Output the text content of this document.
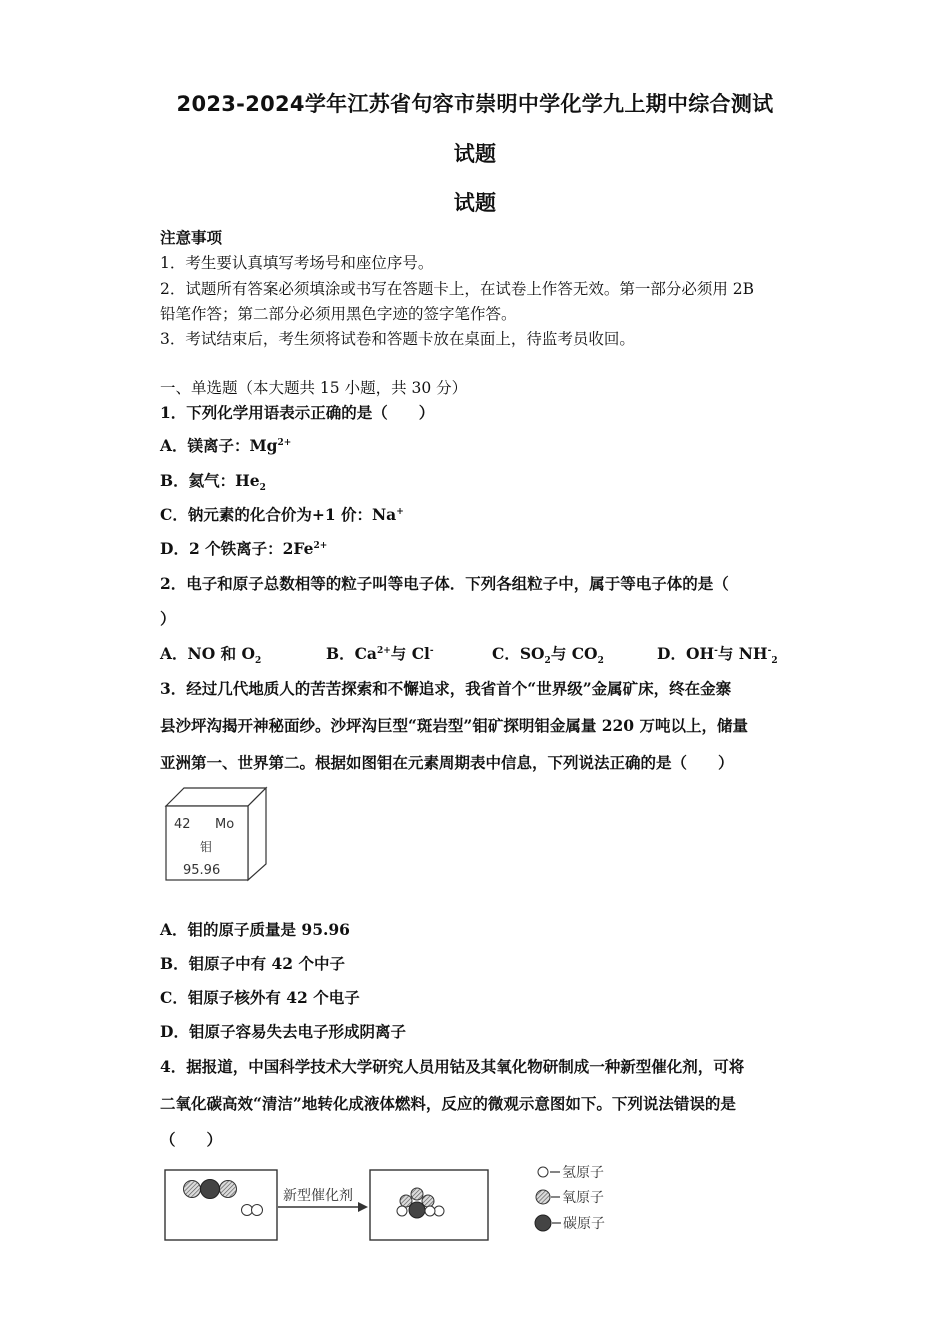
2023-2024学年江苏省句容市崇明中学化学九上期中综合测试
试题
试题
注意事项
1．考生要认真填写考场号和座位序号。
2．试题所有答案必须填涂或书写在答题卡上，在试卷上作答无效。第一部分必须用 2B
铅笔作答；第二部分必须用黑色字迹的签字笔作答。
3．考试结束后，考生须将试卷和答题卡放在桌面上，待监考员收回。
一、单选题（本大题共 15 小题，共 30 分）
1．下列化学用语表示正确的是（　　）
A．镁离子：$Mg^{2+}$
B．氦气：$He_2$
C．钠元素的化合价为+1 价：Na+
D．2 个铁离子：$2Fe^{2+}$
2．电子和原子总数相等的粒子叫等电子体．下列各组粒子中，属于等电子体的是（
）
A．NO 和 $O_2$	B．$Ca^{2+}$与 Cl-	C．$SO_2$与 $CO_2$	D．OH-与 $NH^-_2$
3．经过几代地质人的苦苦探索和不懈追求，我省首个“世界级”金属矿床，终在金寨
县沙坪沟揭开神秘面纱。沙坪沟巨型“斑岩型”钼矿探明钼金属量 220 万吨以上，储量
亚洲第一、世界第二。根据如图钼在元素周期表中信息，下列说法正确的是（　　）
42 Mo
钼
95.96
A．钼的原子质量是 95.96
B．钼原子中有 42 个中子
C．钼原子核外有 42 个电子
D．钼原子容易失去电子形成阴离子
4．据报道，中国科学技术大学研究人员用钴及其氧化物研制成一种新型催化剂，可将
二氧化碳高效“清洁”地转化成液体燃料，反应的微观示意图如下。下列说法错误的是
（　　）
新型催化剂
氢原子
氧原子
碳原子
